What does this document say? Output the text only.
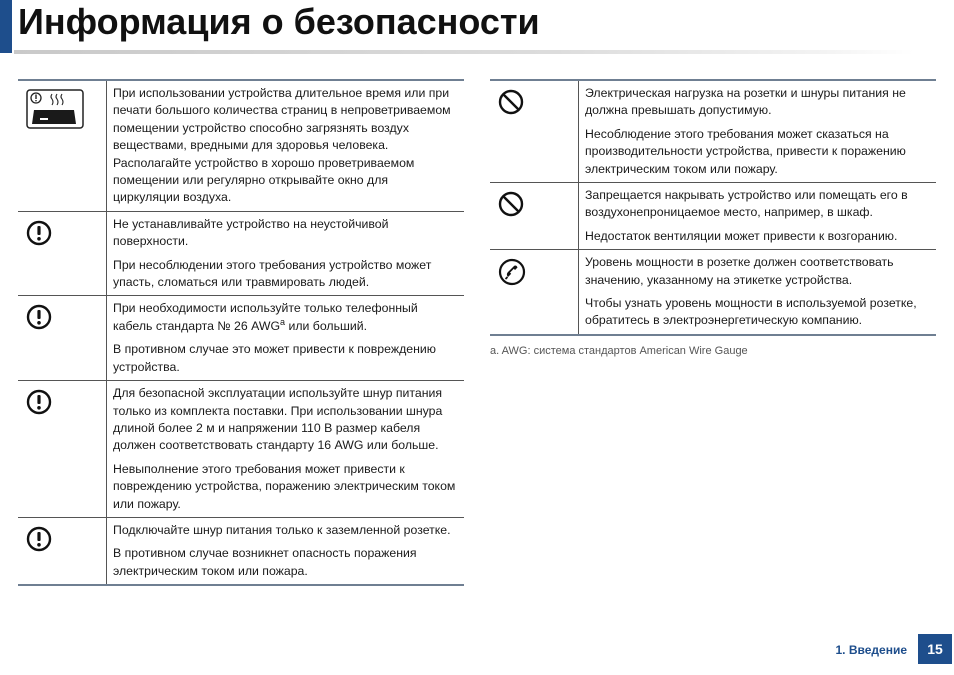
Информация о безопасности

При использовании устройства длительное время или при печати большого количества страниц в непроветриваемом помещении устройство способно загрязнять воздух веществами, вредными для здоровья человека. Располагайте устройство в хорошо проветриваемом помещении или регулярно открывайте окно для циркуляции воздуха.

Не устанавливайте устройство на неустойчивой поверхности.

При несоблюдении этого требования устройство может упасть, сломаться или травмировать людей.

При необходимости используйте только телефонный кабель стандарта № 26 AWG$^a$ или больший.

В противном случае это может привести к повреждению устройства.

Для безопасной эксплуатации используйте шнур питания только из комплекта поставки. При использовании шнура длиной более 2 м и напряжении 110 В размер кабеля должен соответствовать стандарту 16 AWG или больше.

Невыполнение этого требования может привести к повреждению устройства, поражению электрическим током или пожару.

Подключайте шнур питания только к заземленной розетке.

В противном случае возникнет опасность поражения электрическим током или пожара.

Электрическая нагрузка на розетки и шнуры питания не должна превышать допустимую.

Несоблюдение этого требования может сказаться на производительности устройства, привести к поражению электрическим током или пожару.

Запрещается накрывать устройство или помещать его в воздухонепроницаемое место, например, в шкаф.

Недостаток вентиляции может привести к возгоранию.

Уровень мощности в розетке должен соответствовать значению, указанному на этикетке устройства.

Чтобы узнать уровень мощности в используемой розетке, обратитесь в электроэнергетическую компанию.

a. AWG: система стандартов American Wire Gauge
1. Введение	15
